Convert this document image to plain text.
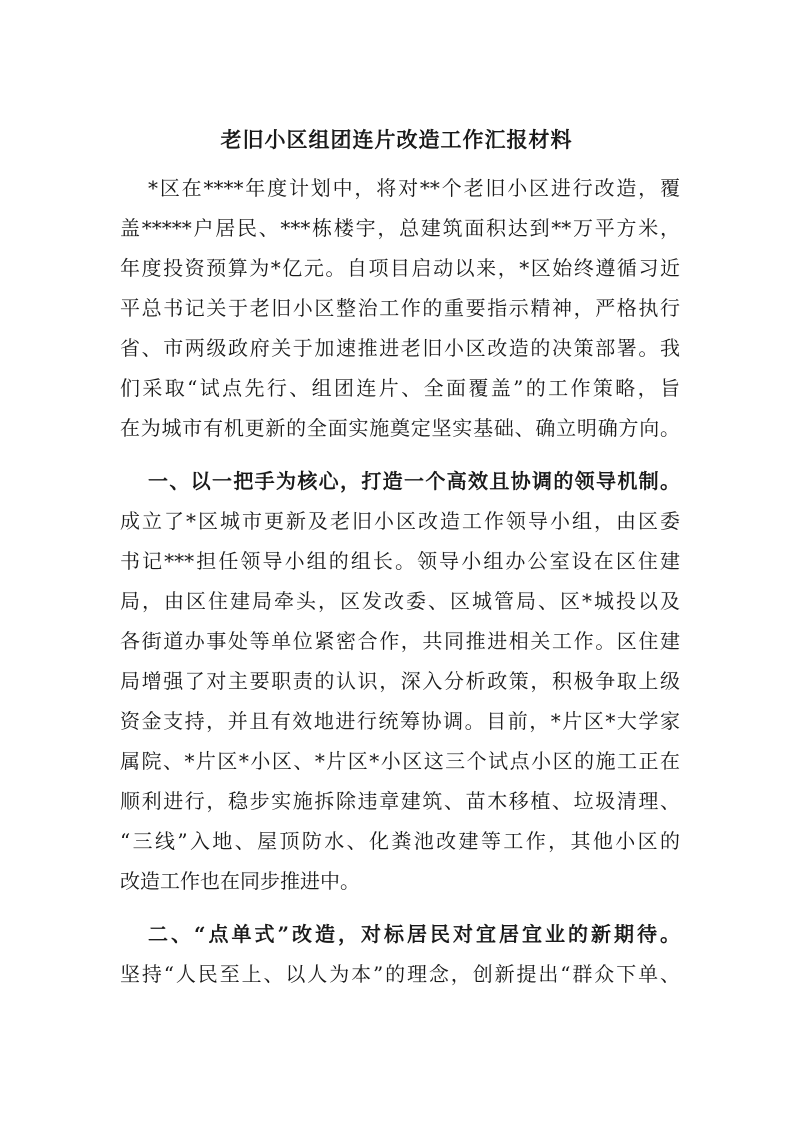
老旧小区组团连片改造工作汇报材料
*区在****年度计划中，将对**个老旧小区进行改造，覆
盖*****户居民、***栋楼宇，总建筑面积达到**万平方米，
年度投资预算为*亿元。自项目启动以来，*区始终遵循习近
平总书记关于老旧小区整治工作的重要指示精神，严格执行
省、市两级政府关于加速推进老旧小区改造的决策部署。我
们采取“试点先行、组团连片、全面覆盖”的工作策略，旨
在为城市有机更新的全面实施奠定坚实基础、确立明确方向。
一、以一把手为核心，打造一个高效且协调的领导机制。
成立了*区城市更新及老旧小区改造工作领导小组，由区委
书记***担任领导小组的组长。领导小组办公室设在区住建
局，由区住建局牵头，区发改委、区城管局、区*城投以及
各街道办事处等单位紧密合作，共同推进相关工作。区住建
局增强了对主要职责的认识，深入分析政策，积极争取上级
资金支持，并且有效地进行统筹协调。目前，*片区*大学家
属院、*片区*小区、*片区*小区这三个试点小区的施工正在
顺利进行，稳步实施拆除违章建筑、苗木移植、垃圾清理、
“三线”入地、屋顶防水、化粪池改建等工作，其他小区的
改造工作也在同步推进中。
二、“点单式”改造，对标居民对宜居宜业的新期待。
坚持“人民至上、以人为本”的理念，创新提出“群众下单、
